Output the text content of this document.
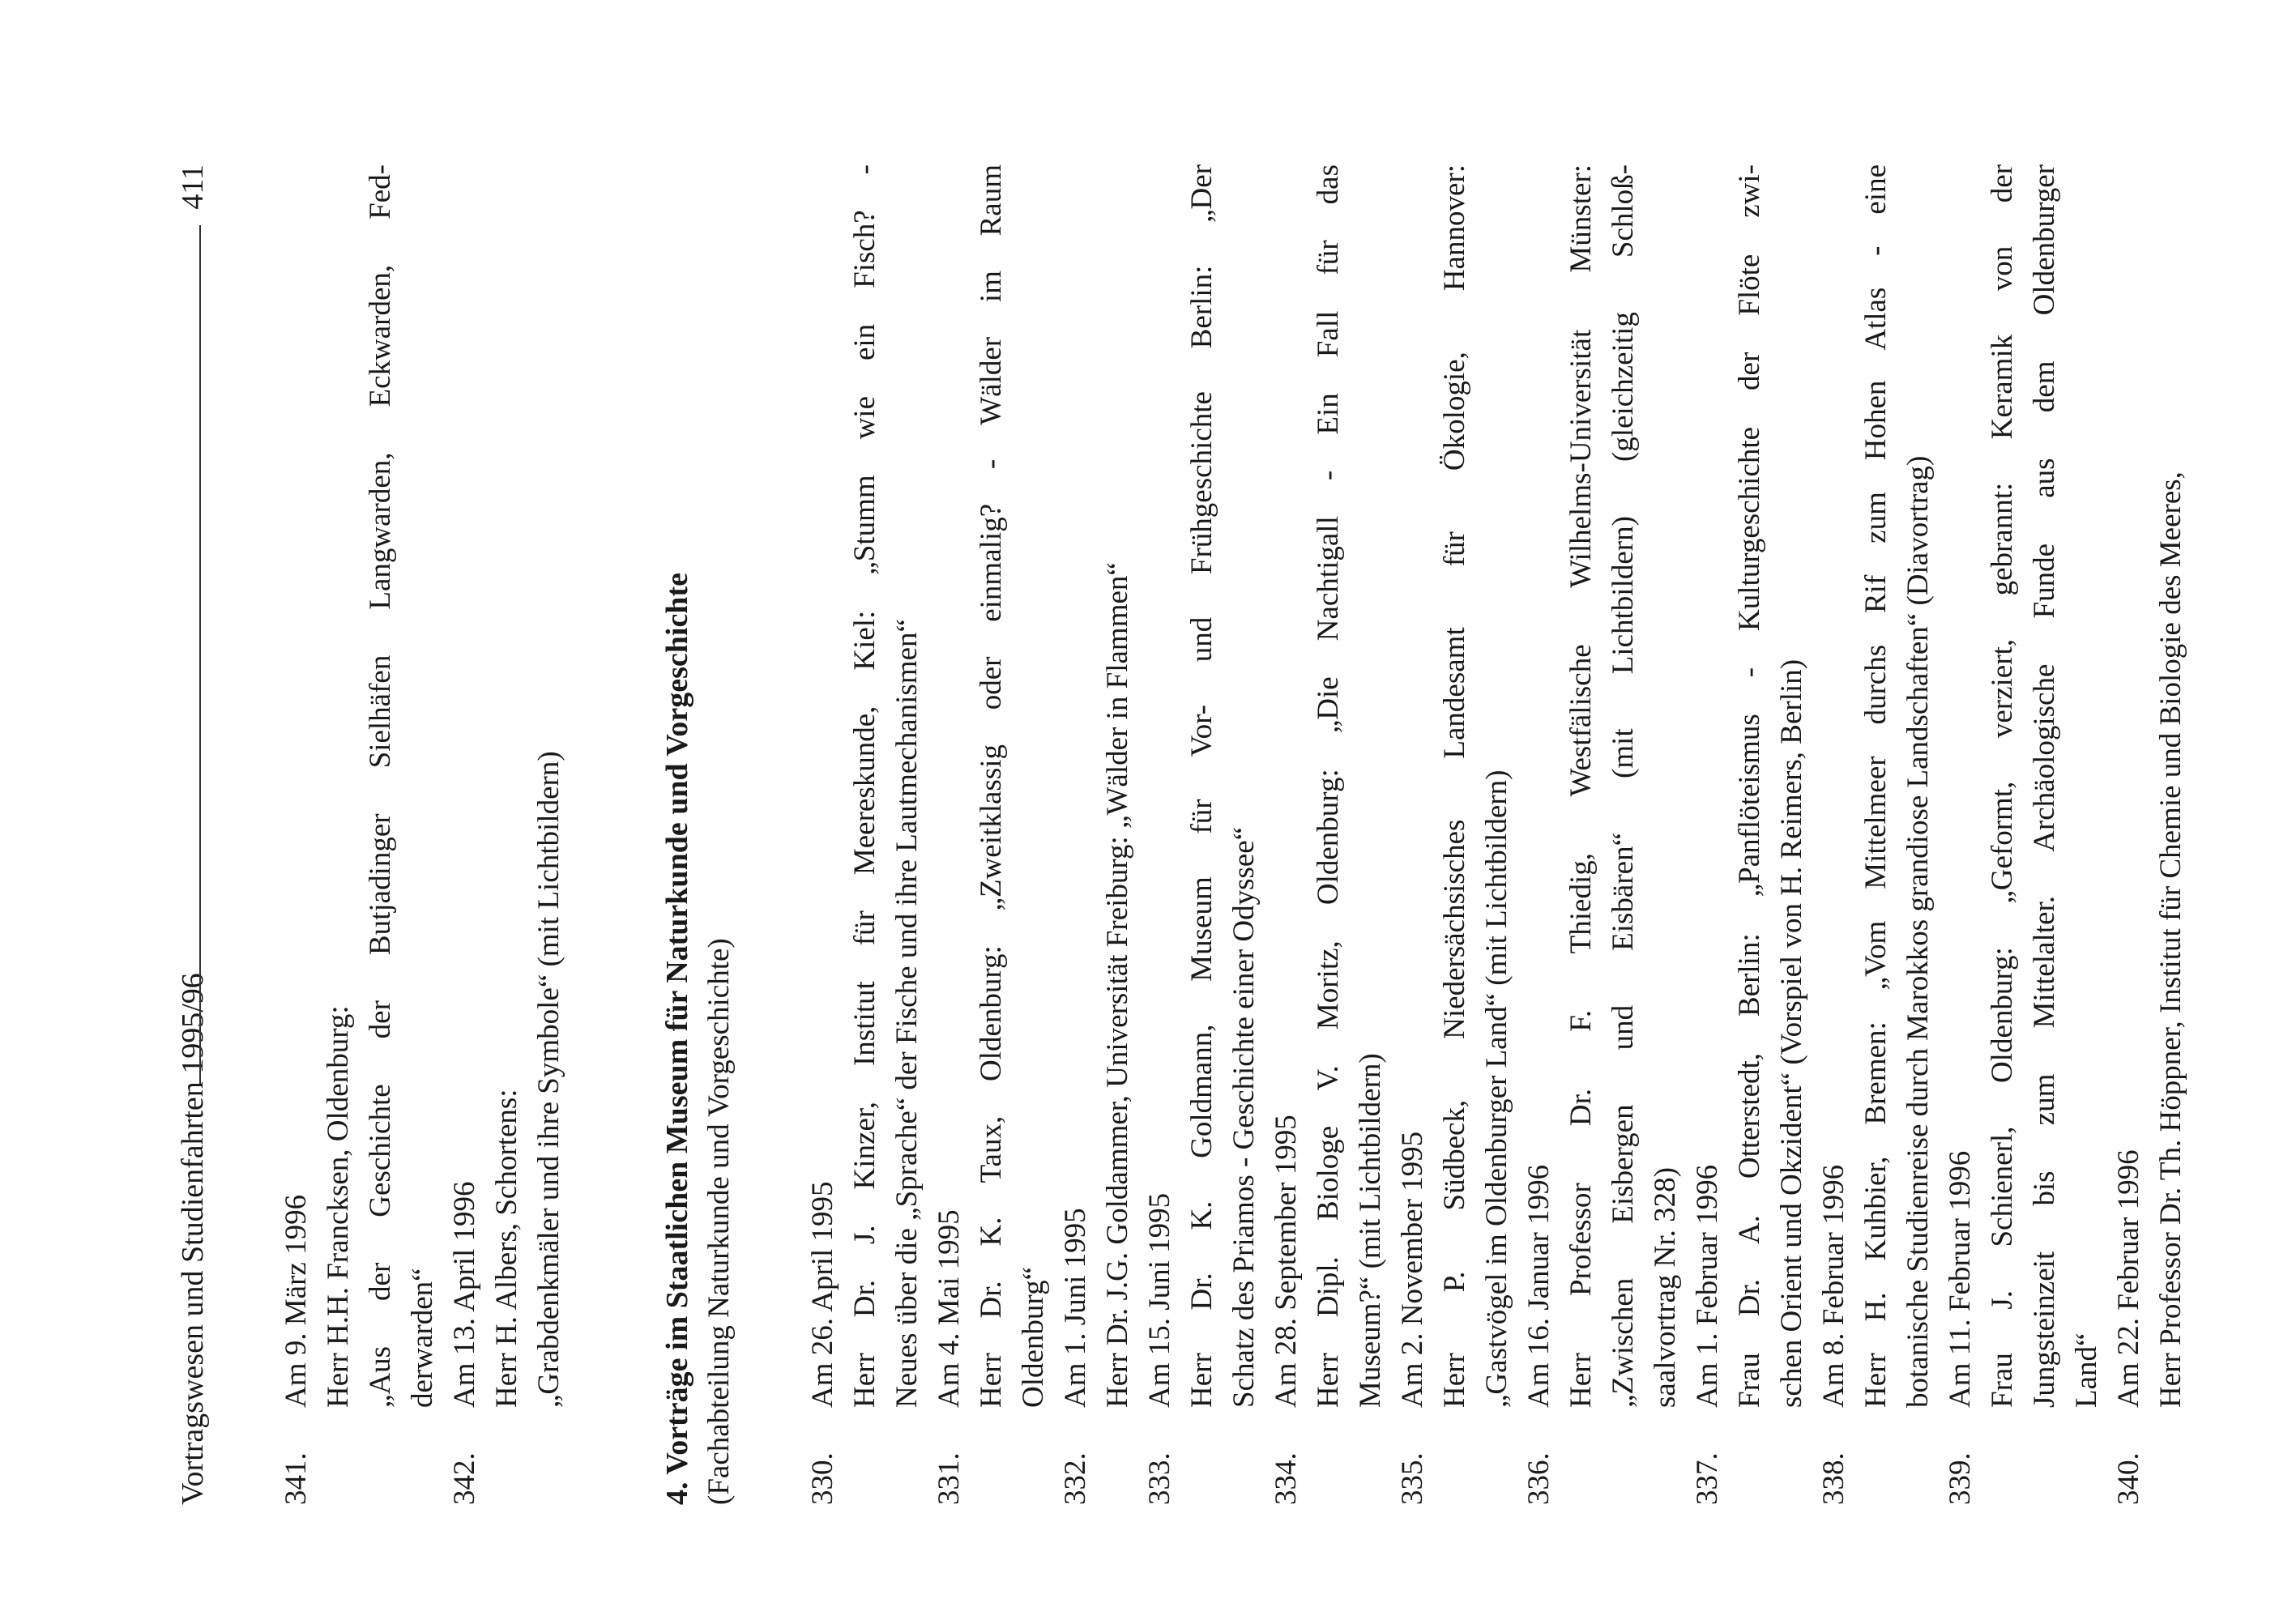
Vortragswesen und Studienfahrten 1995/96
411
341.
Am 9. März 1996 Herr H.H. Francksen, Oldenburg: „Aus der Geschichte der Butjadinger Sielhäfen Langwarden, Eckwarden, Fed- derwarden“
342.
Am 13. April 1996 Herr H. Albers, Schortens: „Grabdenkmäler und ihre Symbole“ (mit Lichtbildern)	4. Vorträge im Staatlichen Museum für Naturkunde und Vorgeschichte (Fachabteilung Naturkunde und Vorgeschichte) 330.
Am 26. April 1995 Herr Dr. J. Kinzer, Institut für Meereskunde, Kiel: „Stumm wie ein Fisch? - Neues über die „Sprache“ der Fische und ihre Lautmechanismen“
331.
Am 4. Mai 1995 Herr Dr. K. Taux, Oldenburg: „Zweitklassig oder einmalig? - Wälder im Raum Oldenburg“
332.
Am 1. Juni 1995 Herr Dr. J.G. Goldammer, Universität Freiburg: „Wälder in Flammen“
333.
Am 15. Juni 1995 Herr Dr. K. Goldmann, Museum für Vor- und Frühgeschichte Berlin: „Der Schatz des Priamos - Geschichte einer Odyssee“
334.
Am 28. September 1995 Herr Dipl. Biologe V. Moritz, Oldenburg: „Die Nachtigall - Ein Fall für das Museum?“ (mit Lichtbildern)
335.
Am 2. November 1995 Herr P. Südbeck, Niedersächsisches Landesamt für Ökologie, Hannover: „Gastvögel im Oldenburger Land“ (mit Lichtbildern)
336.
Am 16. Januar 1996 Herr Professor Dr. F. Thiedig, Westfälische Wilhelms-Universität Münster: „Zwischen Eisbergen und Eisbären“ (mit Lichtbildern) (gleichzeitig Schloß- saalvortrag Nr. 328)
337.
Am 1. Februar 1996 Frau Dr. A. Otterstedt, Berlin: „Panflöteismus - Kulturgeschichte der Flöte zwi- schen Orient und Okzident“ (Vorspiel von H. Reimers, Berlin)
338.
Am 8. Februar 1996 Herr H. Kuhbier, Bremen: „Vom Mittelmeer durchs Rif zum Hohen Atlas - eine botanische Studienreise durch Marokkos grandiose Landschaften“ (Diavortrag)
339.
Am 11. Februar 1996 Frau J. Schienerl, Oldenburg: „Geformt, verziert, gebrannt: Keramik von der Jungsteinzeit bis zum Mittelalter. Archäologische Funde aus dem Oldenburger Land“
340.
Am 22. Februar 1996 Herr Professor Dr. Th. Höppner, Institut für Chemie und Biologie des Meeres,
